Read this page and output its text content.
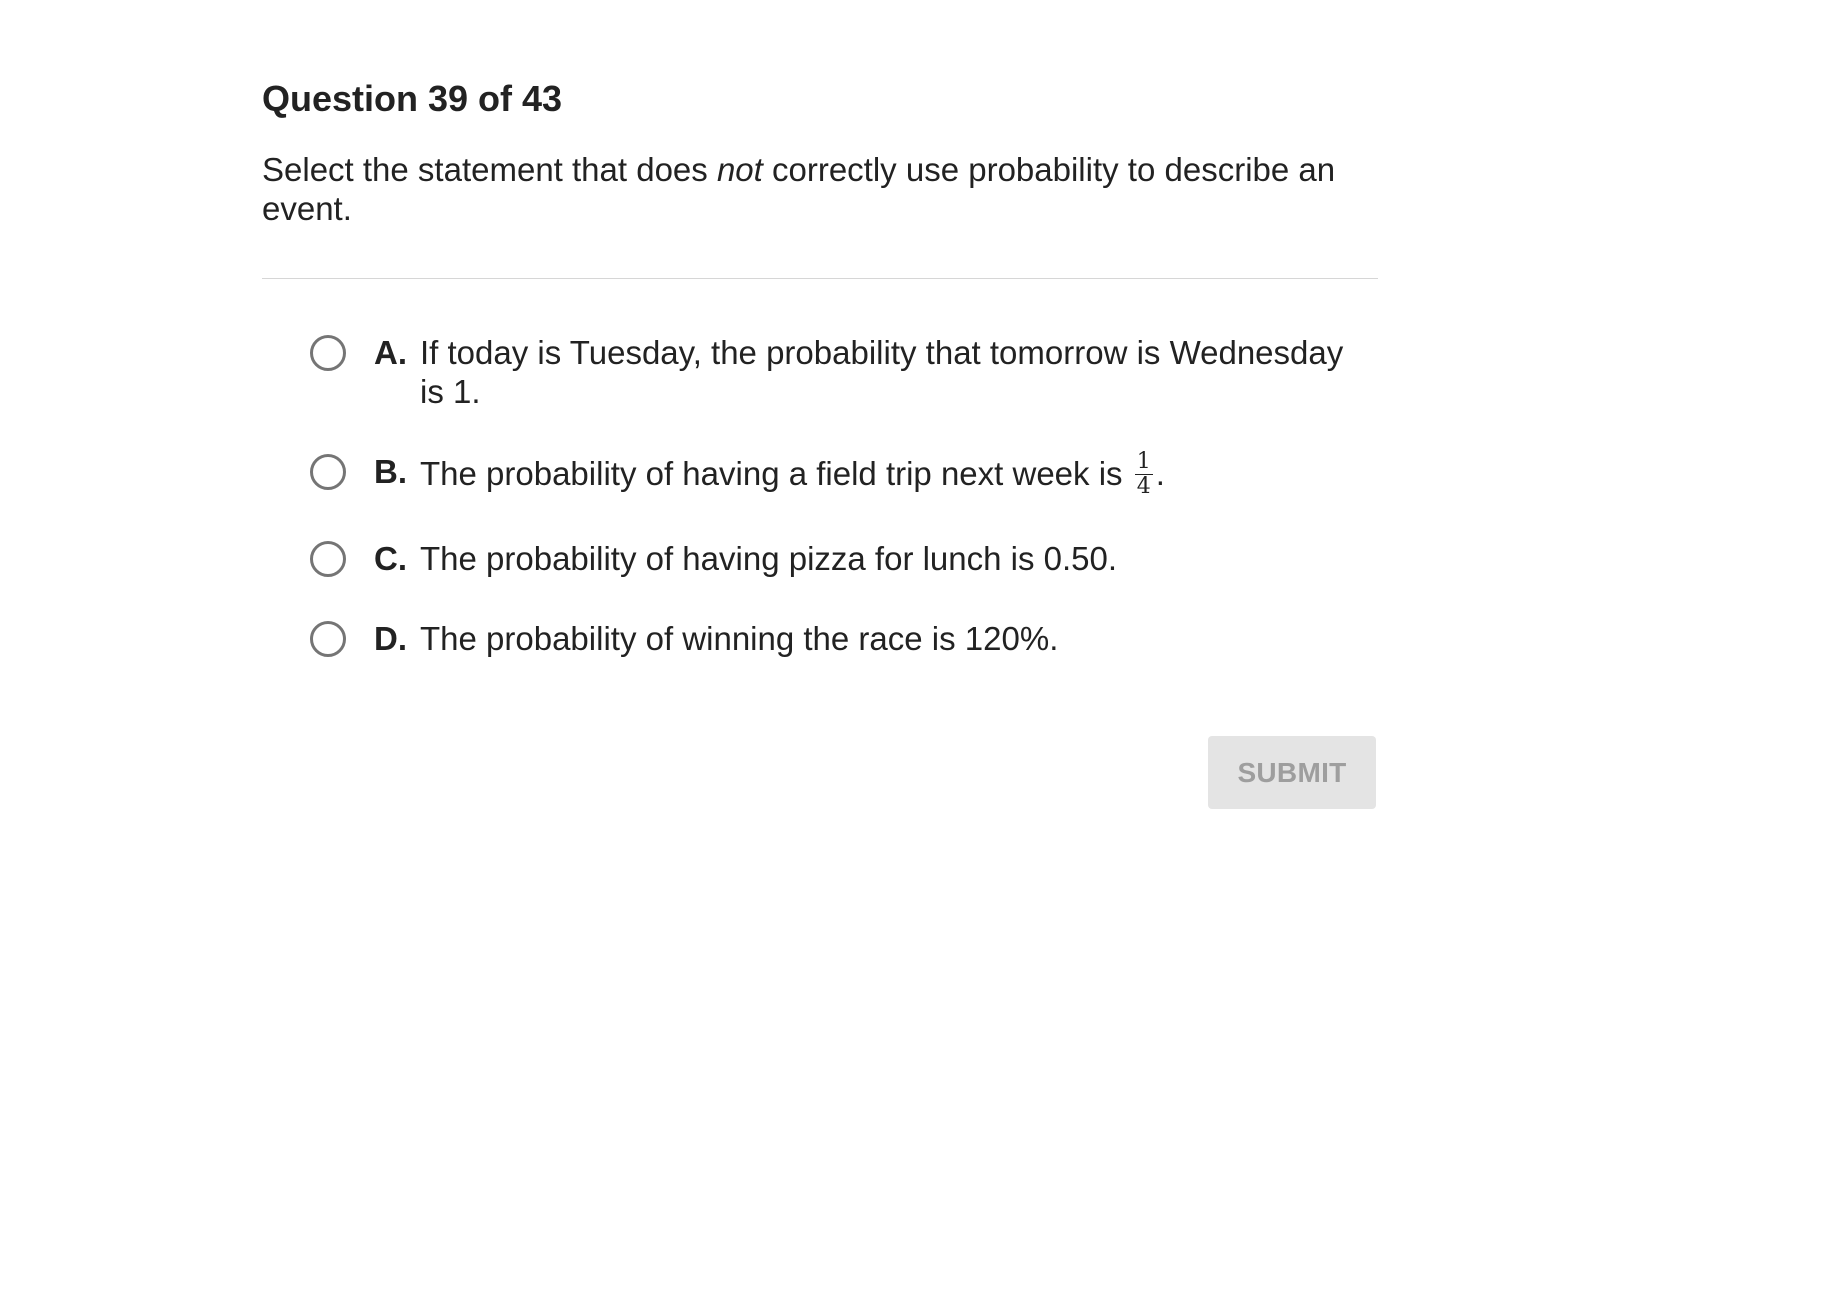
Question 39 of 43
Select the statement that does not correctly use probability to describe an event.
A. If today is Tuesday, the probability that tomorrow is Wednesday is 1.
B. The probability of having a field trip next week is $\frac{1}{4}$ .
C. The probability of having pizza for lunch is 0.50.
D. The probability of winning the race is 120%.
SUBMIT
